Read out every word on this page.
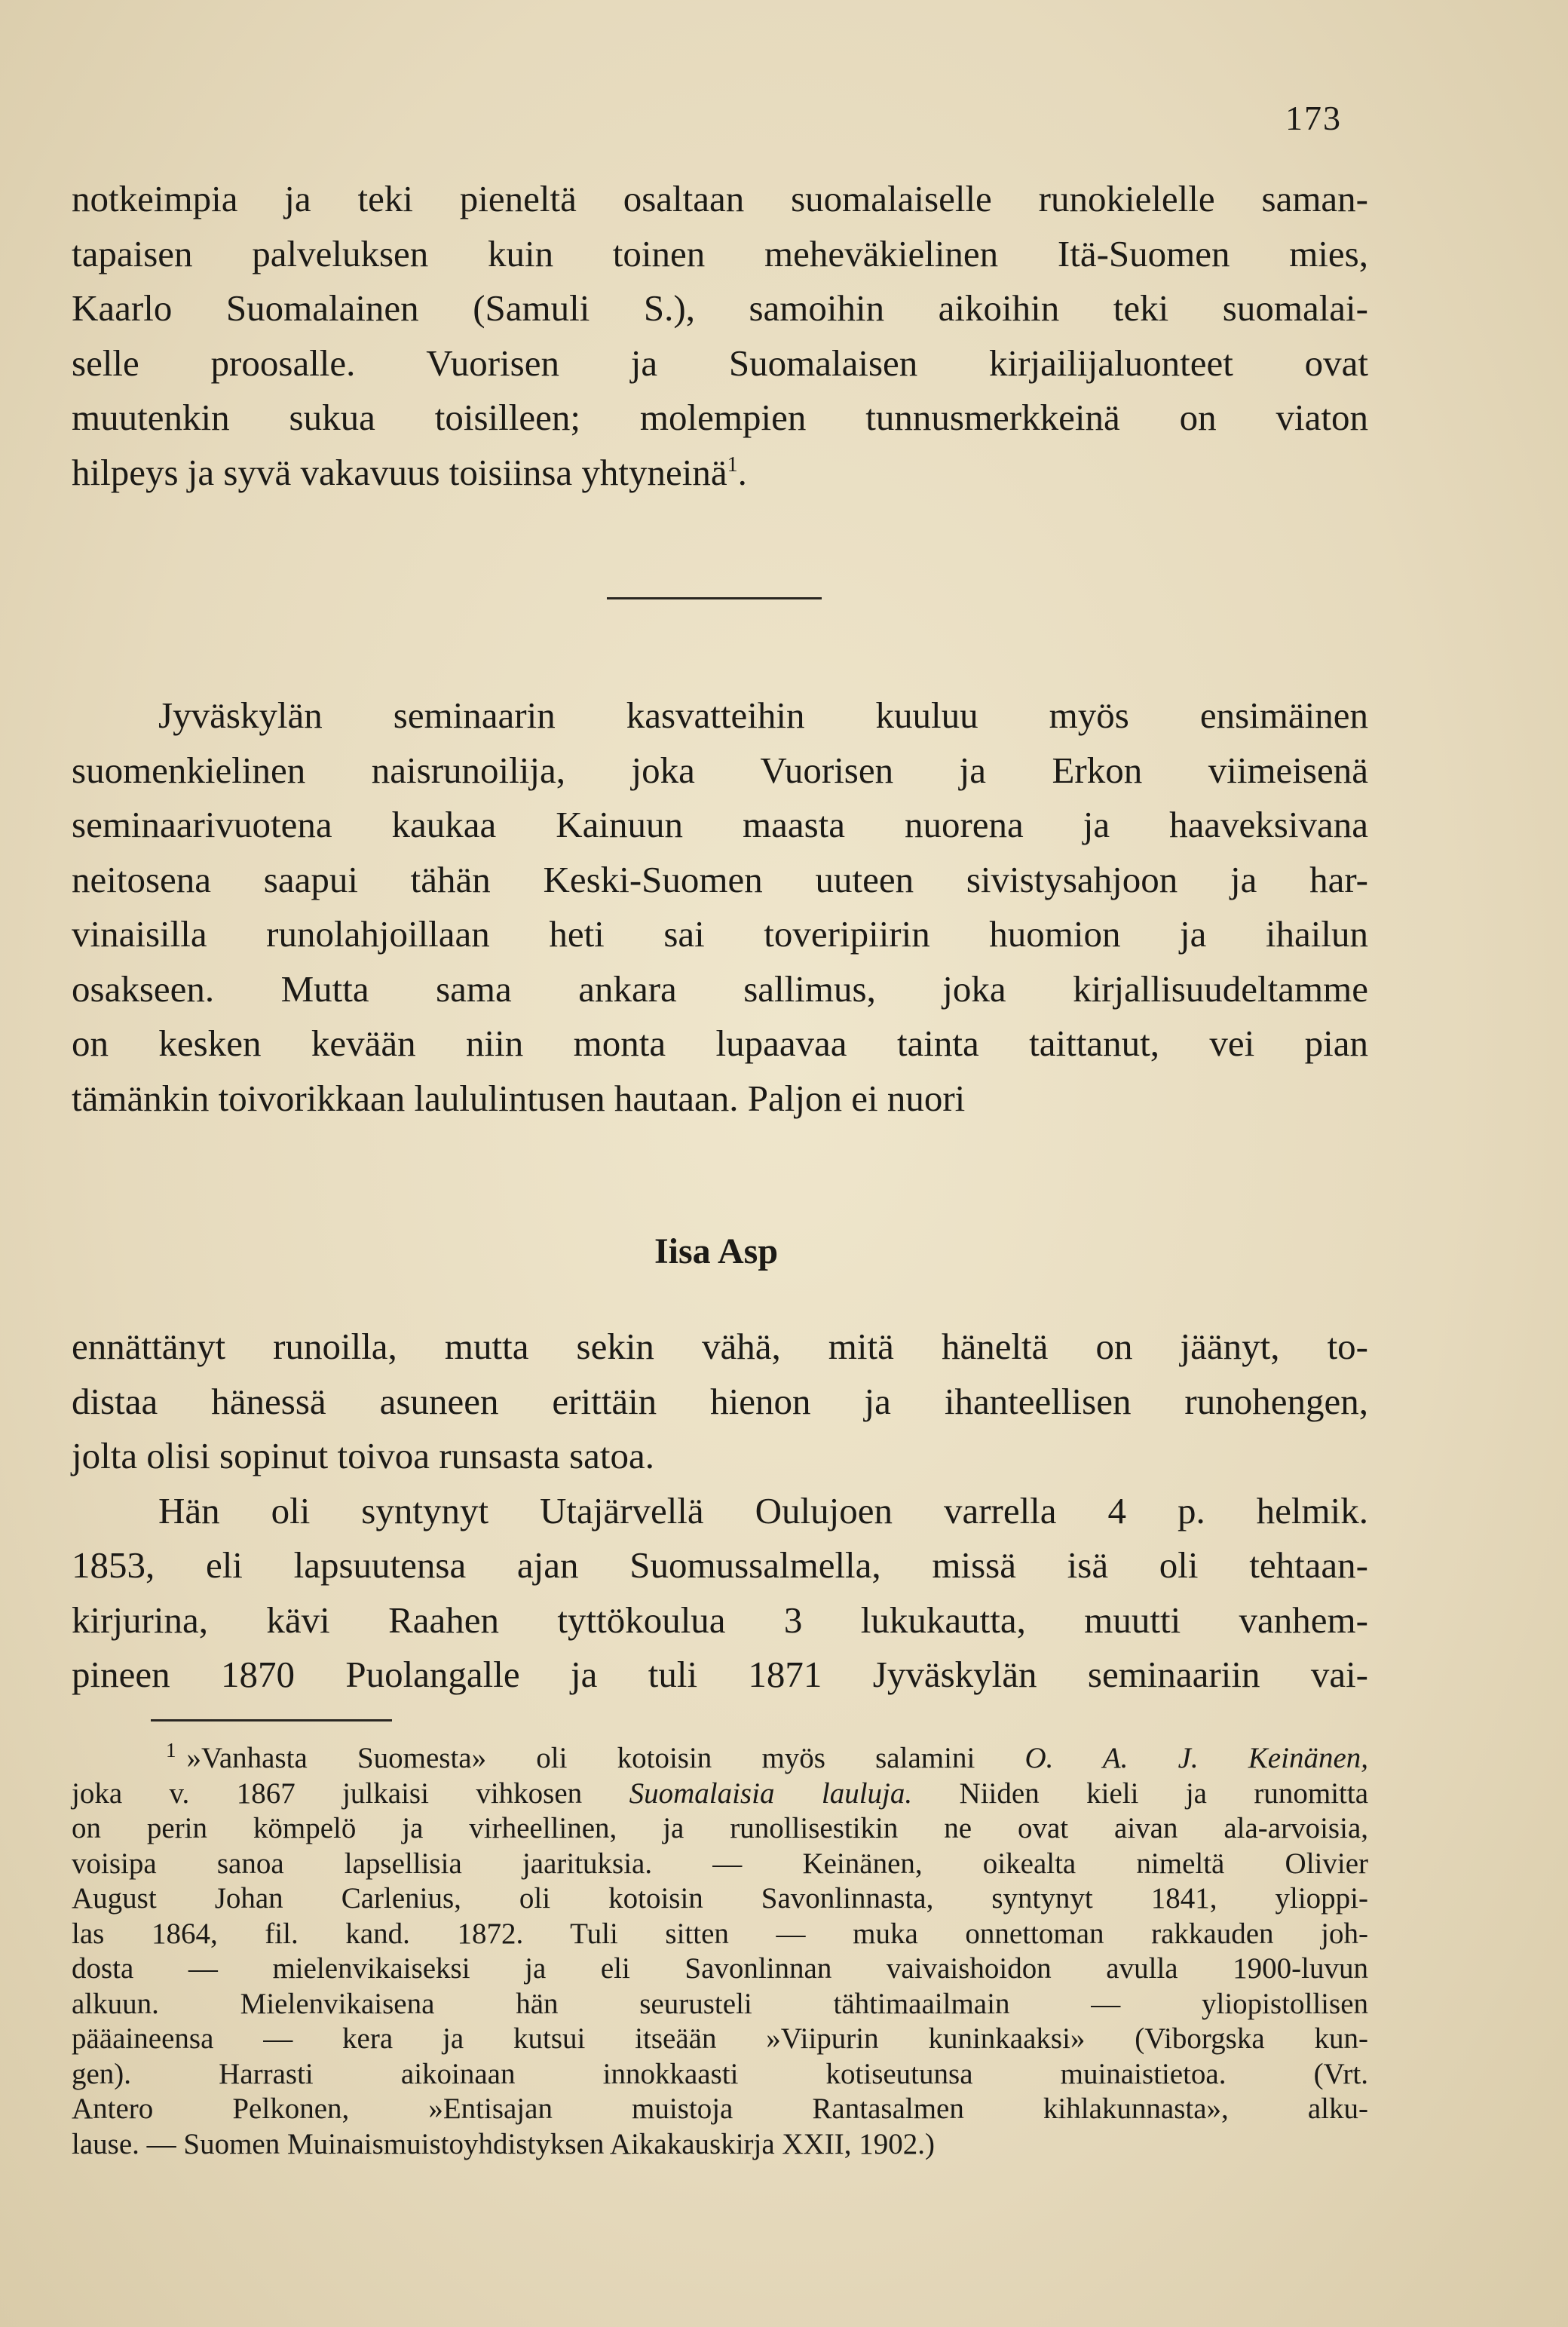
173
notkeimpia ja teki pieneltä osaltaan suomalaiselle runokielelle saman-
tapaisen palveluksen kuin toinen meheväkielinen Itä-Suomen mies,
Kaarlo Suomalainen (Samuli S.), samoihin aikoihin teki suomalai-
selle proosalle. Vuorisen ja Suomalaisen kirjailijaluonteet ovat
muutenkin sukua toisilleen; molempien tunnusmerkkeinä on viaton
hilpeys ja syvä vakavuus toisiinsa yhtyneinä$^1$.
Jyväskylän seminaarin kasvatteihin kuuluu myös ensimäinen
suomenkielinen naisrunoilija, joka Vuorisen ja Erkon viimeisenä
seminaarivuotena kaukaa Kainuun maasta nuorena ja haaveksivana
neitosena saapui tähän Keski-Suomen uuteen sivistysahjoon ja har-
vinaisilla runolahjoillaan heti sai toveripiirin huomion ja ihailun
osakseen. Mutta sama ankara sallimus, joka kirjallisuudeltamme
on kesken kevään niin monta lupaavaa tainta taittanut, vei pian
tämänkin toivorikkaan laululintusen hautaan. Paljon ei nuori
Iisa Asp
ennättänyt runoilla, mutta sekin vähä, mitä häneltä on jäänyt, to-
distaa hänessä asuneen erittäin hienon ja ihanteellisen runohengen,
jolta olisi sopinut toivoa runsasta satoa.
Hän oli syntynyt Utajärvellä Oulujoen varrella 4 p. helmik.
1853, eli lapsuutensa ajan Suomussalmella, missä isä oli tehtaan-
kirjurina, kävi Raahen tyttökoulua 3 lukukautta, muutti vanhem-
pineen 1870 Puolangalle ja tuli 1871 Jyväskylän seminaariin vai-
$^1$ »Vanhasta Suomesta» oli kotoisin myös salamini O. A. J. Keinänen,
joka v. 1867 julkaisi vihkosen Suomalaisia lauluja. Niiden kieli ja runomitta
on perin kömpelö ja virheellinen, ja runollisestikin ne ovat aivan ala-arvoisia,
voisipa sanoa lapsellisia jaarituksia. — Keinänen, oikealta nimeltä Olivier
August Johan Carlenius, oli kotoisin Savonlinnasta, syntynyt 1841, ylioppi-
las 1864, fil. kand. 1872. Tuli sitten — muka onnettoman rakkauden joh-
dosta — mielenvikaiseksi ja eli Savonlinnan vaivaishoidon avulla 1900-luvun
alkuun. Mielenvikaisena hän seurusteli tähtimaailmain — yliopistollisen
pääaineensa — kera ja kutsui itseään »Viipurin kuninkaaksi» (Viborgska kun-
gen). Harrasti aikoinaan innokkaasti kotiseutunsa muinaistietoa. (Vrt.
Antero Pelkonen, »Entisajan muistoja Rantasalmen kihlakunnasta», alku-
lause. — Suomen Muinaismuistoyhdistyksen Aikakauskirja XXII, 1902.)
